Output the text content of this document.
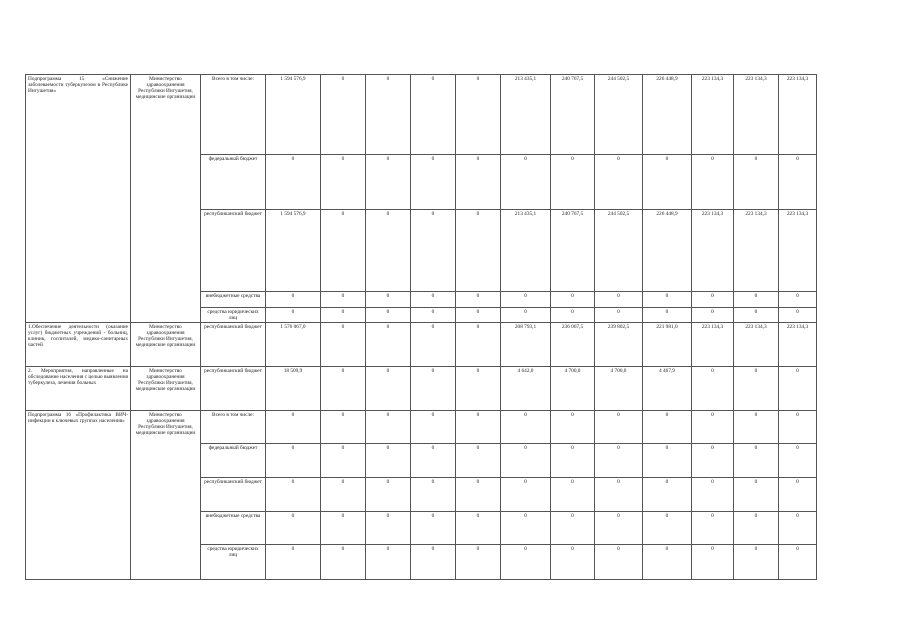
Подпрограмма 15 «Снижение заболеваемости туберкулезом в Республике Ингушетия»	Министерство здравоохранения Республики Ингушетия, медицинские организации	Всего в том числе:	1 594 576,9	0	0	0	0	213 435,1	240 767,5	244 502,5	226 448,9	223 134,3	223 134,3	223 134,3
		федеральный бюджет	0	0	0	0	0	0	0	0	0	0	0	0
		республиканский бюджет	1 594 576,9	0	0	0	0	213 435,1	240 767,5	244 502,5	226 448,9	223 134,3	223 134,3	223 134,3
		внебюджетные средства	0	0	0	0	0	0	0	0	0	0	0	0
		средства юридических лиц	0	0	0	0	0	0	0	0	0	0	0	0
1.Обеспечение деятельности (оказание услуг) бюджетных учреждений - больниц, клиник, госпиталей, медико-санитарных частей	Министерство здравоохранения Республики Ингушетия, медицинские организации	республиканский бюджет	1 576 067,0	0	0	0	0	208 793,1	236 067,5	239 802,5	221 981,0	223 134,3	223 134,3	223 134,3
2. Мероприятия, направленные на обследование населения с целью выявления туберкулеза, лечения больных	Министерство здравоохранения Республики Ингушетия, медицинские организации	республиканский бюджет	18 509,9	0	0	0	0	4 642,0	4 700,0	4 700,0	4 467,9	0	0	0
Подпрограмма 16 «Профилактика ВИЧ-инфекции в ключевых группах населения»	Министерство здравоохранения Республики Ингушетия, медицинские организации	Всего в том числе:	0	0	0	0	0	0	0	0	0	0	0	0
		федеральный бюджет	0	0	0	0	0	0	0	0	0	0	0	0
		республиканский бюджет	0	0	0	0	0	0	0	0	0	0	0	0
		внебюджетные средства	0	0	0	0	0	0	0	0	0	0	0	0
		средства юридических лиц	0	0	0	0	0	0	0	0	0	0	0	0
